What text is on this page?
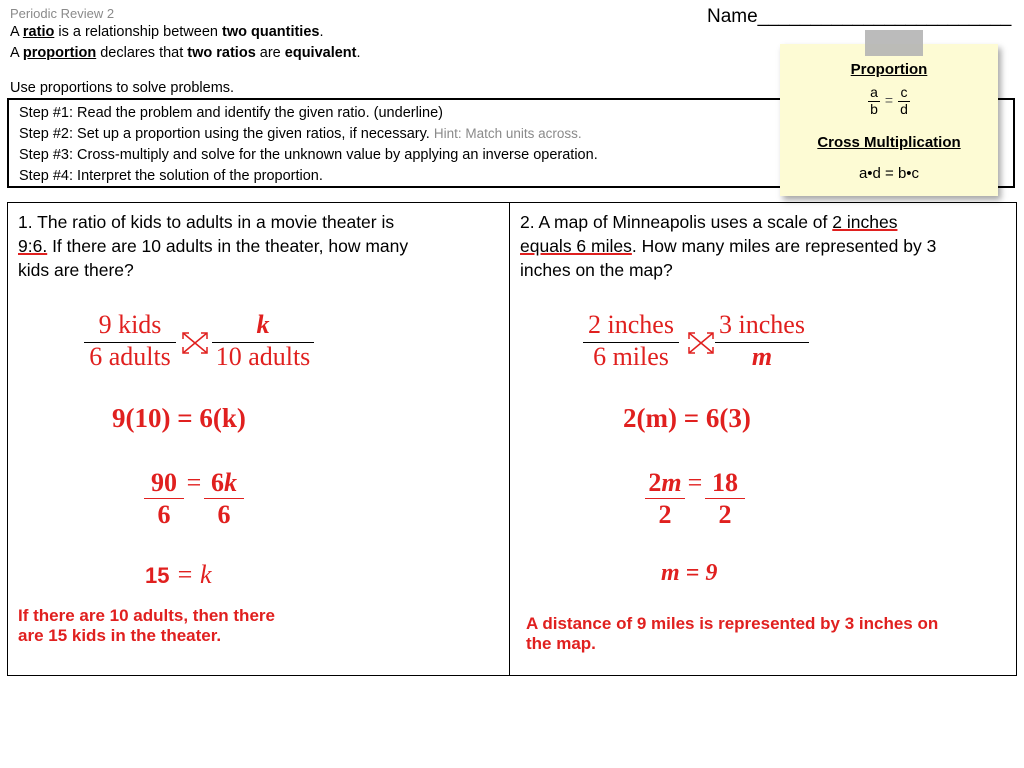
Periodic Review 2
A ratio is a relationship between two quantities.
A proportion declares that two ratios are equivalent.
Use proportions to solve problems.
Name________________________
Step #1: Read the problem and identify the given ratio. (underline)
Step #2: Set up a proportion using the given ratios, if necessary. Hint: Match units across.
Step #3: Cross-multiply and solve for the unknown value by applying an inverse operation.
Step #4: Interpret the solution of the proportion.
Proportion
a
b
= c
d
Cross Multiplication
a•d = b•c
1. The ratio of kids to adults in a movie theater is
9:6. If there are 10 adults in the theater, how many
kids are there?
9 kids
6 adults
k
10 adults
9(10) = 6(k)
90
6
= 6k
6
15 = k
If there are 10 adults, then there
are 15 kids in the theater.
2. A map of Minneapolis uses a scale of 2 inches
equals 6 miles. How many miles are represented by 3
inches on the map?
2 inches
6 miles
3 inches
m
2(m) = 6(3)
2m
2
= 18
2
m = 9
A distance of 9 miles is represented by 3 inches on
the map.
